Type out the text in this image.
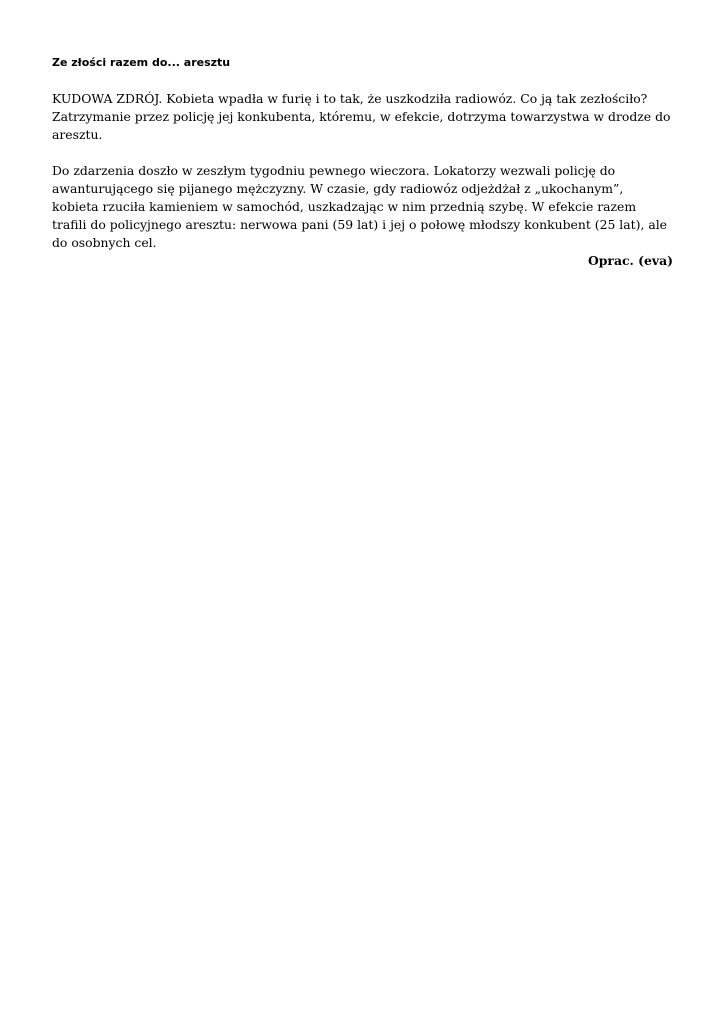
Ze złości razem do... aresztu

KUDOWA ZDRÓJ. Kobieta wpadła w furię i to tak, że uszkodziła radiowóz. Co ją tak zezłościło? Zatrzymanie przez policję jej konkubenta, któremu, w efekcie, dotrzyma towarzystwa w drodze do aresztu.

Do zdarzenia doszło w zeszłym tygodniu pewnego wieczora. Lokatorzy wezwali policję do awanturującego się pijanego mężczyzny. W czasie, gdy radiowóz odjeżdżał z „ukochanym”, kobieta rzuciła kamieniem w samochód, uszkadzając w nim przednią szybę. W efekcie razem trafili do policyjnego aresztu: nerwowa pani (59 lat) i jej o połowę młodszy konkubent (25 lat), ale do osobnych cel.

Oprac. (eva)
